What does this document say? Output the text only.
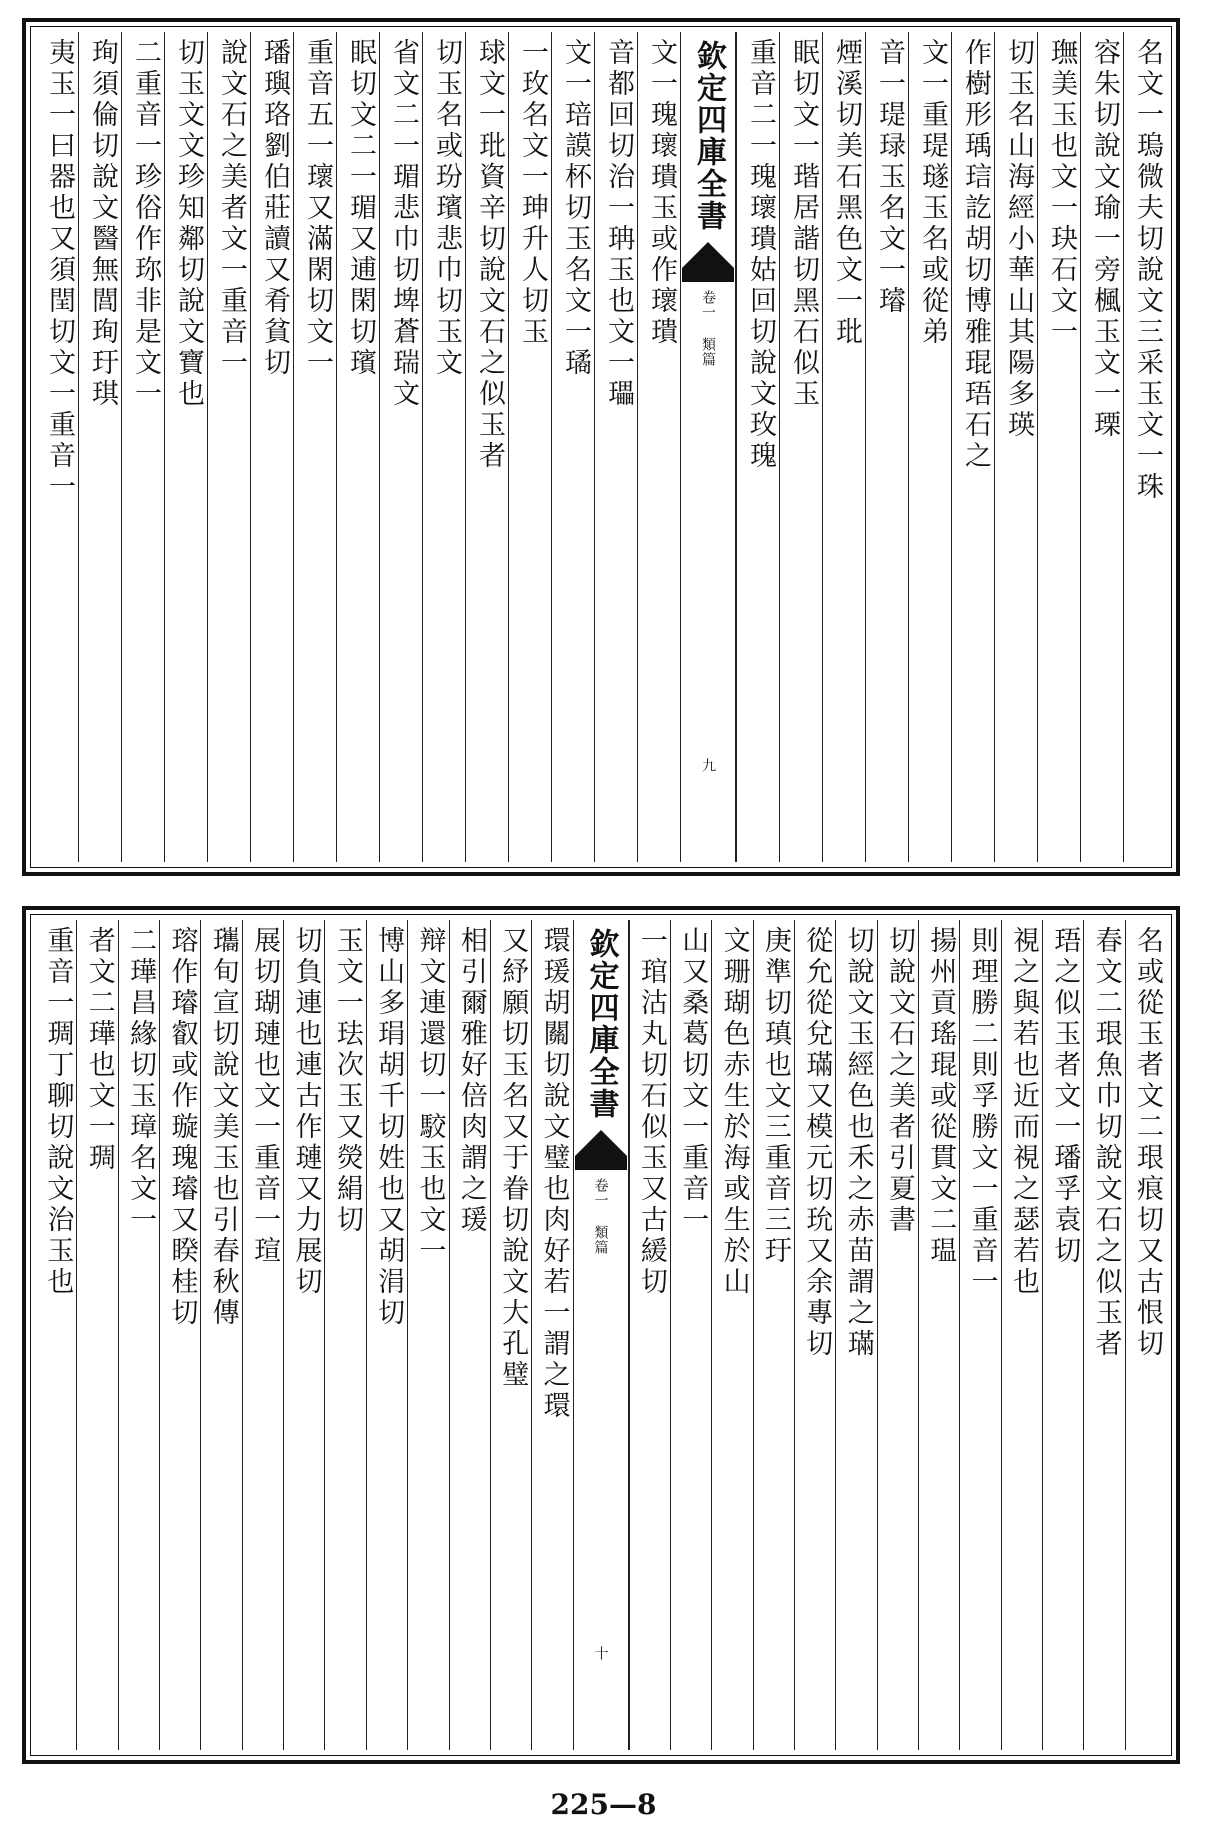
名文一瑦微夫切說文三采玉文一珠
容朱切說文瑜一旁楓玉文一瑮
璑美玉也文一玦石文一
切玉名山海經小華山其陽多瑛
作樹形瑀琂訖胡切博雅琨珸石之
文一重瑅璲玉名或從弟
音一瑅琭玉名文一璿
煙溪切美石黑色文一玭
眠切文一瑎居諧切黑石似玉
重音二一瑰瓌璝姑回切說文玫瑰
欽定四庫全書
卷一 類篇
九
文一瑰瓌璝玉或作瓌璝
音都回切治一珃玉也文一瓃
文一琣謨杯切玉名文一璚
一玫名文一珅升人切玉
球文一玭資辛切說文石之似玉者
切玉名或玢璸悲巾切玉文
省文二一瑂悲巾切埤蒼瑞文
眠切文二一瑂又逋閑切璸
重音五一瓌又滿閑切文一
璠璵珞劉伯莊讀又肴貧切
說文石之美者文一重音一
切玉文文珍知鄰切說文寶也
二重音一珍俗作珎非是文一
珣須倫切說文醫無閭珣玗琪
夷玉一曰器也又須閏切文一重音一
名或從玉者文二珢痕切又古恨切
春文二珢魚巾切說文石之似玉者
珸之似玉者文一璠孚袁切
視之與若也近而視之瑟若也
則理勝二則孚勝文一重音一
揚州貢瑤琨或從貫文二瑥
切說文石之美者引夏書
切說文玉經色也禾之赤苗謂之璊
從允從兌璊又模元切玧又余專切
庚準切瑱也文三重音三玗
文珊瑚色赤生於海或生於山
山又桑葛切文一重音一
一琯沽丸切石似玉又古緩切
欽定四庫全書
卷一 類篇
十
環瑗胡關切說文璧也肉好若一謂之環
又紓願切玉名又于眷切說文大孔璧
相引爾雅好倍肉謂之瑗
辩文連還切一駮玉也文一
博山多琄胡千切姓也又胡涓切
玉文一珐次玉又熒絹切
切負連也連古作璉又力展切
展切瑚璉也文一重音一瑄
瓗旬宣切說文美玉也引春秋傳
瑢作璿叡或作璇瑰璿又睽桂切
二璍昌緣切玉璋名文一
者文二璍也文一琱
重音一琱丁聊切說文治玉也
225—8
